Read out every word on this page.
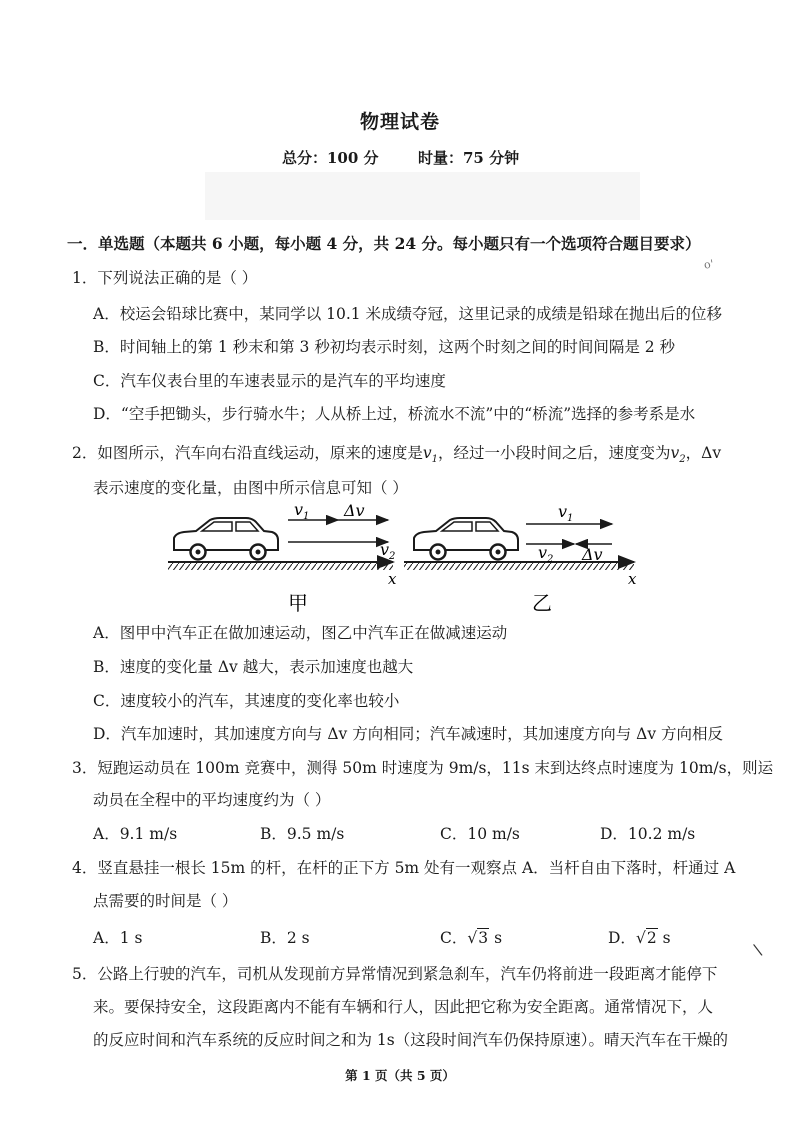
物理试卷
总分：100 分	时量：75 分钟
一．单选题（本题共 6 小题，每小题 4 分，共 24 分。每小题只有一个选项符合题目要求）
o'
1．下列说法正确的是（ ）
A．校运会铅球比赛中，某同学以 10.1 米成绩夺冠，这里记录的成绩是铅球在抛出后的位移
B．时间轴上的第 1 秒末和第 3 秒初均表示时刻，这两个时刻之间的时间间隔是 2 秒
C．汽车仪表台里的车速表显示的是汽车的平均速度
D．“空手把锄头，步行骑水牛；人从桥上过，桥流水不流”中的“桥流”选择的参考系是水
2．如图所示，汽车向右沿直线运动，原来的速度是$v_1$，经过一小段时间之后，速度变为$v_2$，Δv
表示速度的变化量，由图中所示信息可知（ ）
x
$v_1$ Δv
$v_2$
x
$v_1$
$v_2$ Δv
甲	乙
A．图甲中汽车正在做加速运动，图乙中汽车正在做减速运动
B．速度的变化量 Δv 越大，表示加速度也越大
C．速度较小的汽车，其速度的变化率也较小
D．汽车加速时，其加速度方向与 Δv 方向相同；汽车减速时，其加速度方向与 Δv 方向相反
3．短跑运动员在 100m 竞赛中，测得 50m 时速度为 9m/s，11s 末到达终点时速度为 10m/s，则运
动员在全程中的平均速度约为（ ）
A．9.1 m/s	B．9.5 m/s	C．10 m/s	D．10.2 m/s
4．竖直悬挂一根长 15m 的杆，在杆的正下方 5m 处有一观察点 A．当杆自由下落时，杆通过 A
点需要的时间是（ ）
A．1 s	B．2 s	C．√3 s	D．√2 s
\
5．公路上行驶的汽车，司机从发现前方异常情况到紧急刹车，汽车仍将前进一段距离才能停下
来。要保持安全，这段距离内不能有车辆和行人，因此把它称为安全距离。通常情况下，人
的反应时间和汽车系统的反应时间之和为 1s（这段时间汽车仍保持原速）。晴天汽车在干燥的
第 1 页（共 5 页）
